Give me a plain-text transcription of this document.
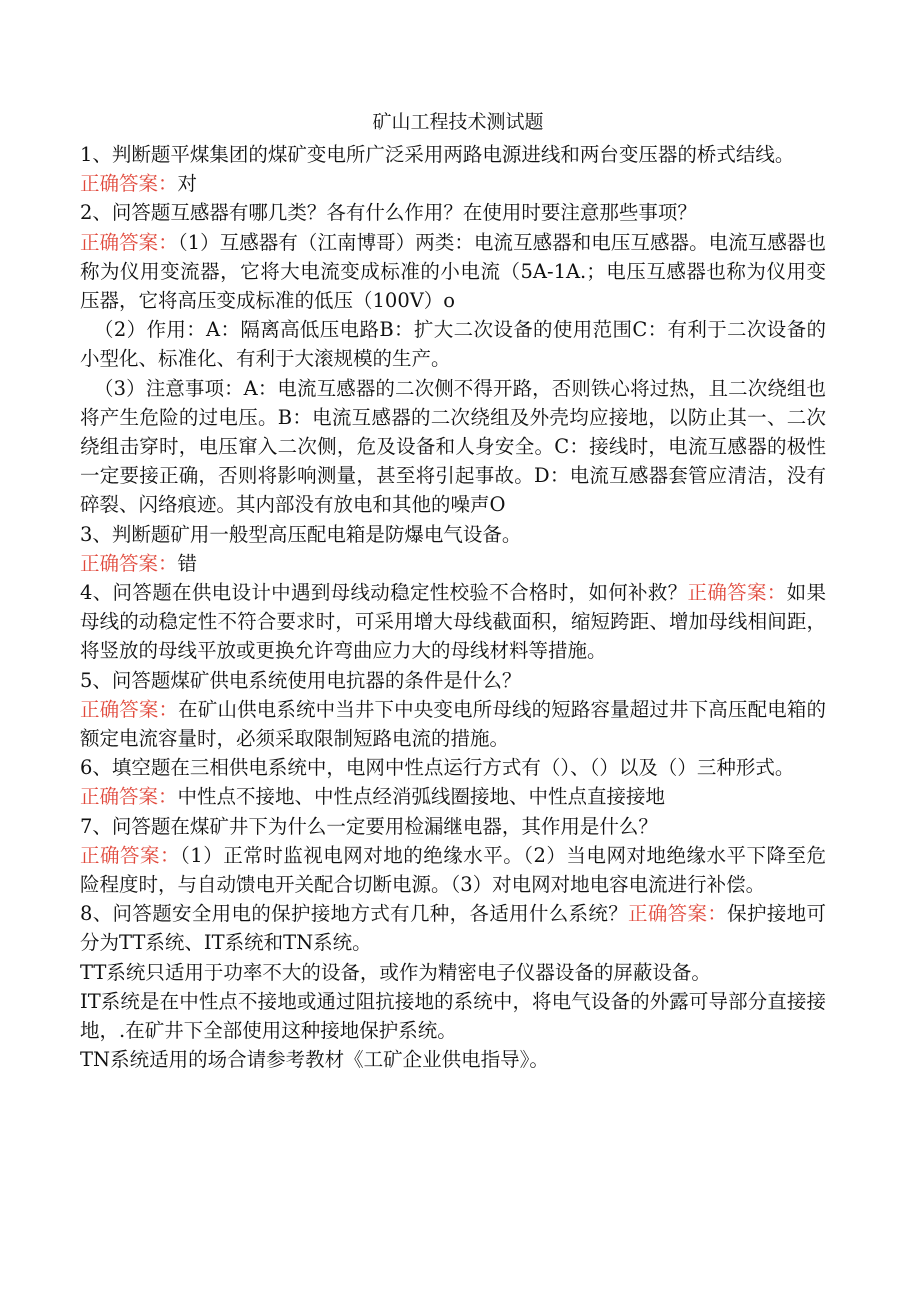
矿山工程技术测试题

1、判断题平煤集团的煤矿变电所广泛采用两路电源进线和两台变压器的桥式结线。

正确答案：对

2、问答题互感器有哪几类？各有什么作用？在使用时要注意那些事项？

正确答案：（1）互感器有（江南博哥）两类：电流互感器和电压互感器。电流互感器也称为仪用变流器，它将大电流变成标准的小电流（5A-1A.；电压互感器也称为仪用变压器，它将高压变成标准的低压（100V）o

（2）作用：A：隔离高低压电路B：扩大二次设备的使用范围C：有利于二次设备的小型化、标准化、有利于大滚规模的生产。

（3）注意事项：A：电流互感器的二次侧不得开路，否则铁心将过热，且二次绕组也将产生危险的过电压。B：电流互感器的二次绕组及外壳均应接地，以防止其一、二次绕组击穿时，电压窜入二次侧，危及设备和人身安全。C：接线时，电流互感器的极性一定要接正确，否则将影响测量，甚至将引起事故。D：电流互感器套管应清洁，没有碎裂、闪络痕迹。其内部没有放电和其他的噪声O

3、判断题矿用一般型高压配电箱是防爆电气设备。

正确答案：错

4、问答题在供电设计中遇到母线动稳定性校验不合格时，如何补救？正确答案：如果母线的动稳定性不符合要求时，可采用增大母线截面积，缩短跨距、增加母线相间距，将竖放的母线平放或更换允许弯曲应力大的母线材料等措施。

5、问答题煤矿供电系统使用电抗器的条件是什么？

正确答案：在矿山供电系统中当井下中央变电所母线的短路容量超过井下高压配电箱的额定电流容量时，必须采取限制短路电流的措施。

6、填空题在三相供电系统中，电网中性点运行方式有（）、（）以及（）三种形式。

正确答案：中性点不接地、中性点经消弧线圈接地、中性点直接接地

7、问答题在煤矿井下为什么一定要用检漏继电器，其作用是什么？

正确答案：（1）正常时监视电网对地的绝缘水平。（2）当电网对地绝缘水平下降至危险程度时，与自动馈电开关配合切断电源。（3）对电网对地电容电流进行补偿。

8、问答题安全用电的保护接地方式有几种，各适用什么系统？正确答案：保护接地可分为TT系统、IT系统和TN系统。

TT系统只适用于功率不大的设备，或作为精密电子仪器设备的屏蔽设备。

IT系统是在中性点不接地或通过阻抗接地的系统中，将电气设备的外露可导部分直接接地，.在矿井下全部使用这种接地保护系统。

TN系统适用的场合请参考教材《工矿企业供电指导》。
